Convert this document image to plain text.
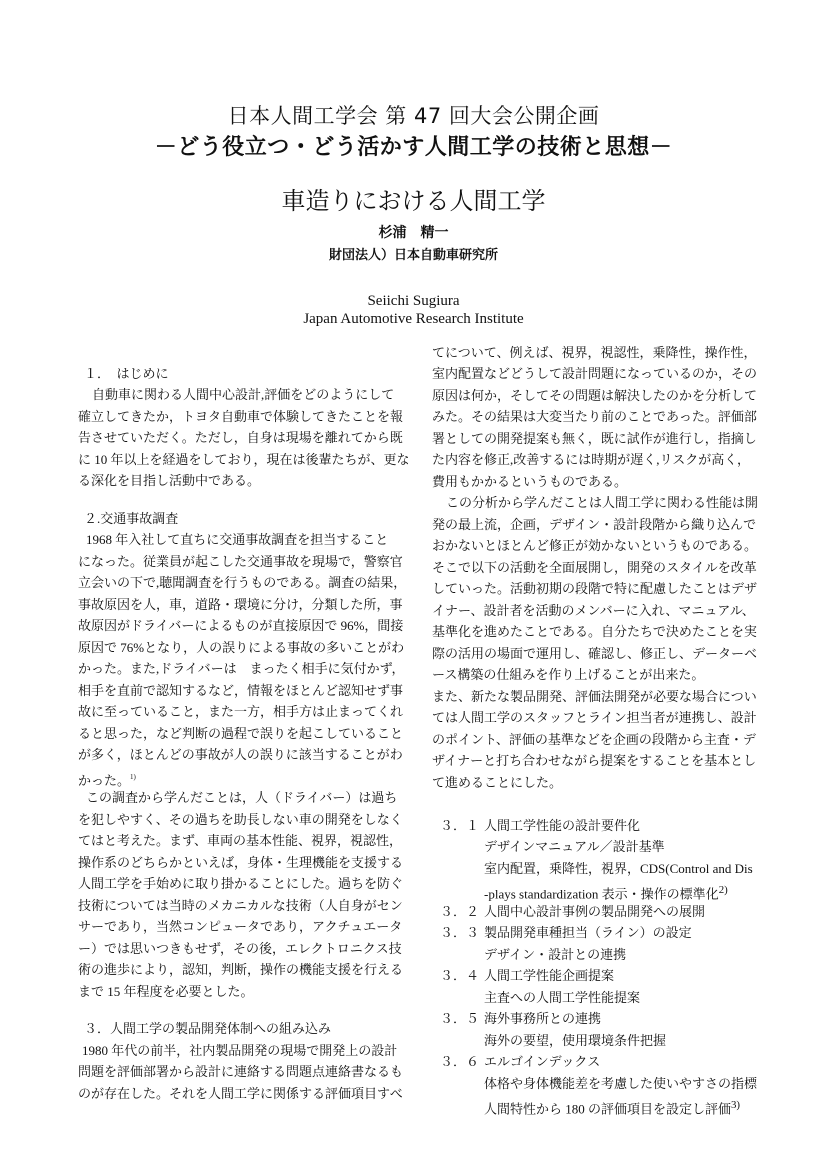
日本人間工学会 第 47 回大会公開企画
－どう役立つ・どう活かす人間工学の技術と思想－
車造りにおける人間工学
杉浦　精一
財団法人）日本自動車研究所
Seiichi Sugiura
Japan Automotive Research Institute
１．　はじめに
自動車に関わる人間中心設計,評価をどのようにして
確立してきたか，トヨタ自動車で体験してきたことを報
告させていただく。ただし，自身は現場を離れてから既
に 10 年以上を経過をしており，現在は後輩たちが、更な
る深化を目指し活動中である。
２.交通事故調査
1968 年入社して直ちに交通事故調査を担当すること
になった。従業員が起こした交通事故を現場で，警察官
立会いの下で,聴聞調査を行うものである。調査の結果，
事故原因を人，車，道路・環境に分け，分類した所，事
故原因がドライバーによるものが直接原因で 96%，間接
原因で 76%となり，人の誤りによる事故の多いことがわ
かった。また,ドライバーは　まったく相手に気付かず，
相手を直前で認知するなど，情報をほとんど認知せず事
故に至っていること，また一方，相手方は止まってくれ
ると思った，など判断の過程で誤りを起こしていること
が多く，ほとんどの事故が人の誤りに該当することがわ
かった。$^{1)}$
この調査から学んだことは，人（ドライバー）は過ち
を犯しやすく、その過ちを助長しない車の開発をしなく
てはと考えた。まず、車両の基本性能、視界，視認性，
操作系のどちらかといえば，身体・生理機能を支援する
人間工学を手始めに取り掛かることにした。過ちを防ぐ
技術については当時のメカニカルな技術（人自身がセン
サーであり，当然コンピュータであり，アクチュエータ
ー）では思いつきもせず，その後，エレクトロニクス技
術の進歩により，認知，判断，操作の機能支援を行える
まで 15 年程度を必要とした。
３．人間工学の製品開発体制への組み込み
1980 年代の前半，社内製品開発の現場で開発上の設計
問題を評価部署から設計に連絡する問題点連絡書なるも
のが存在した。それを人間工学に関係する評価項目すべ
てについて、例えば、視界，視認性，乗降性，操作性，
室内配置などどうして設計問題になっているのか，その
原因は何か，そしてその問題は解決したのかを分析して
みた。その結果は大変当たり前のことであった。評価部
署としての開発提案も無く，既に試作が進行し，指摘し
た内容を修正,改善するには時期が遅く,リスクが高く，
費用もかかるというものである。
この分析から学んだことは人間工学に関わる性能は開
発の最上流，企画，デザイン・設計段階から織り込んで
おかないとほとんど修正が効かないというものである。
そこで以下の活動を全面展開し，開発のスタイルを改革
していった。活動初期の段階で特に配慮したことはデザ
イナー、設計者を活動のメンバーに入れ、マニュアル、
基準化を進めたことである。自分たちで決めたことを実
際の活用の場面で運用し、確認し、修正し、データーベ
ース構築の仕組みを作り上げることが出来た。
また、新たな製品開発、評価法開発が必要な場合につい
ては人間工学のスタッフとライン担当者が連携し、設計
のポイント、評価の基準などを企画の段階から主査・デ
ザイナーと打ち合わせながら提案をすることを基本とし
て進めることにした。
３．１ 人間工学性能の設計要件化
デザインマニュアル／設計基準
室内配置，乗降性，視界，CDS(Control and Dis
-plays standardization 表示・操作の標準化$^{2)}$
３．２ 人間中心設計事例の製品開発への展開
３．３ 製品開発車種担当（ライン）の設定
デザイン・設計との連携
３．４ 人間工学性能企画提案
主査への人間工学性能提案
３．５ 海外事務所との連携
海外の要望，使用環境条件把握
３．６ エルゴインデックス
体格や身体機能差を考慮した使いやすさの指標
人間特性から 180 の評価項目を設定し評価$^{3)}$
